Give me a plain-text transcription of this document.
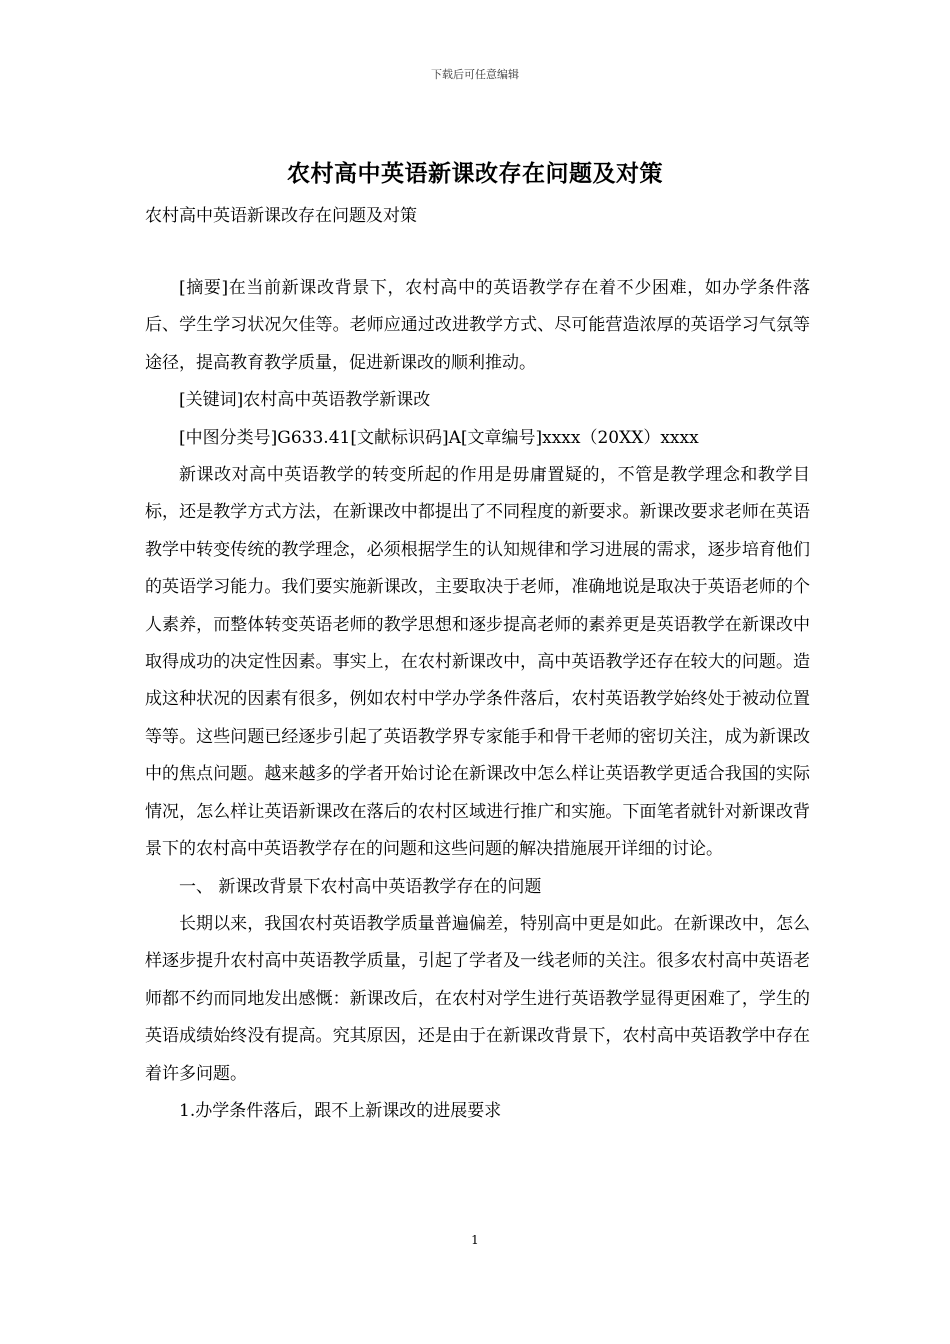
下载后可任意编辑
农村高中英语新课改存在问题及对策
农村高中英语新课改存在问题及对策

[摘要]在当前新课改背景下，农村高中的英语教学存在着不少困难，如办学条件落后、学生学习状况欠佳等。老师应通过改进教学方式、尽可能营造浓厚的英语学习气氛等途径，提高教育教学质量，促进新课改的顺利推动。

[关键词]农村高中英语教学新课改

[中图分类号]G633.41[文献标识码]A[文章编号]xxxx（20XX）xxxx

新课改对高中英语教学的转变所起的作用是毋庸置疑的，不管是教学理念和教学目标，还是教学方式方法，在新课改中都提出了不同程度的新要求。新课改要求老师在英语教学中转变传统的教学理念，必须根据学生的认知规律和学习进展的需求，逐步培育他们的英语学习能力。我们要实施新课改，主要取决于老师，准确地说是取决于英语老师的个人素养，而整体转变英语老师的教学思想和逐步提高老师的素养更是英语教学在新课改中取得成功的决定性因素。事实上，在农村新课改中，高中英语教学还存在较大的问题。造成这种状况的因素有很多，例如农村中学办学条件落后，农村英语教学始终处于被动位置等等。这些问题已经逐步引起了英语教学界专家能手和骨干老师的密切关注，成为新课改中的焦点问题。越来越多的学者开始讨论在新课改中怎么样让英语教学更适合我国的实际情况，怎么样让英语新课改在落后的农村区域进行推广和实施。下面笔者就针对新课改背景下的农村高中英语教学存在的问题和这些问题的解决措施展开详细的讨论。

一、 新课改背景下农村高中英语教学存在的问题

长期以来，我国农村英语教学质量普遍偏差，特别高中更是如此。在新课改中，怎么样逐步提升农村高中英语教学质量，引起了学者及一线老师的关注。很多农村高中英语老师都不约而同地发出感慨：新课改后，在农村对学生进行英语教学显得更困难了，学生的英语成绩始终没有提高。究其原因，还是由于在新课改背景下，农村高中英语教学中存在着许多问题。

1.办学条件落后，跟不上新课改的进展要求

1
